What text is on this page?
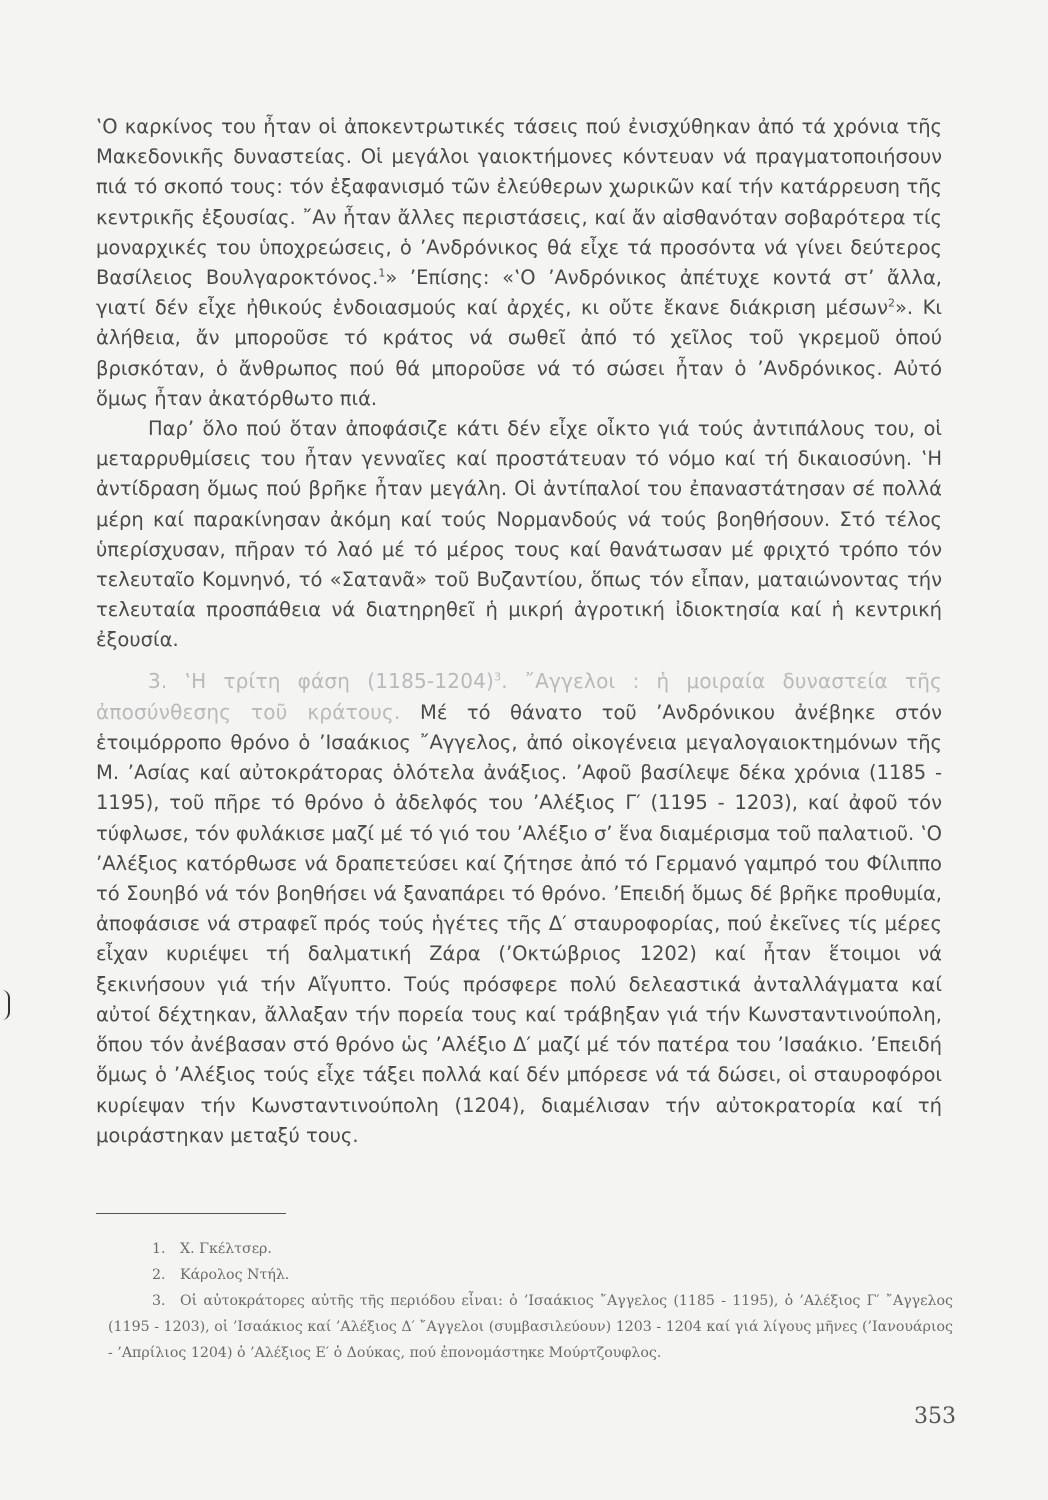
‛Ο καρκίνος του ἦταν οἱ ἀποκεντρωτικές τάσεις πού ἐνισχύθηκαν ἀπό τά χρόνια τῆς Μακεδονικῆς δυναστείας. Οἱ μεγάλοι γαιοκτήμονες κόντευαν νά πραγματοποιήσουν πιά τό σκοπό τους: τόν ἐξαφανισμό τῶν ἐλεύθερων χωρικῶν καί τήν κατάρρευση τῆς κεντρικῆς ἐξουσίας. ῎Αν ἦταν ἄλλες περιστάσεις, καί ἄν αἰσθανόταν σοβαρότερα τίς μοναρχικές του ὑποχρεώσεις, ὁ ’Ανδρόνικος θά εἶχε τά προσόντα νά γίνει δεύτερος Βασίλειος Βουλγαροκτόνος.$^1$» ’Επίσης: «‛Ο ’Ανδρόνικος ἀπέτυχε κοντά στ’ ἄλλα, γιατί δέν εἶχε ἠθικούς ἐνδοιασμούς καί ἀρχές, κι οὔτε ἔκανε διάκριση μέσων$^2$». Κι ἀλήθεια, ἄν μποροῦσε τό κράτος νά σωθεῖ ἀπό τό χεῖλος τοῦ γκρεμοῦ ὁπού βρισκόταν, ὁ ἄνθρωπος πού θά μποροῦσε νά τό σώσει ἦταν ὁ ’Ανδρόνικος. Αὐτό ὅμως ἦταν ἀκατόρθωτο πιά.

Παρ’ ὅλο πού ὅταν ἀποφάσιζε κάτι δέν εἶχε οἶκτο γιά τούς ἀντιπάλους του, οἱ μεταρρυθμίσεις του ἦταν γενναῖες καί προστάτευαν τό νόμο καί τή δικαιοσύνη. ‛Η ἀντίδραση ὅμως πού βρῆκε ἦταν μεγάλη. Οἱ ἀντίπαλοί του ἐπαναστάτησαν σέ πολλά μέρη καί παρακίνησαν ἀκόμη καί τούς Νορμανδούς νά τούς βοηθήσουν. Στό τέλος ὑπερίσχυσαν, πῆραν τό λαό μέ τό μέρος τους καί θανάτωσαν μέ φριχτό τρόπο τόν τελευταῖο Κομνηνό, τό «Σατανᾶ» τοῦ Βυζαντίου, ὅπως τόν εἶπαν, ματαιώνοντας τήν τελευταία προσπάθεια νά διατηρηθεῖ ἡ μικρή ἀγροτική ἰδιοκτησία καί ἡ κεντρική ἐξουσία.

3. ‛Η τρίτη φάση (1185-1204)$^3$. ῎Αγγελοι : ἡ μοιραία δυναστεία τῆς ἀποσύνθεσης τοῦ κράτους. Μέ τό θάνατο τοῦ ’Ανδρόνικου ἀνέβηκε στόν ἑτοιμόρροπο θρόνο ὁ ’Ισαάκιος ῎Αγγελος, ἀπό οἰκογένεια μεγαλογαιοκτημόνων τῆς Μ. ’Ασίας καί αὐτοκράτορας ὁλότελα ἀνάξιος. ’Αφοῦ βασίλεψε δέκα χρόνια (1185 - 1195), τοῦ πῆρε τό θρόνο ὁ ἀδελφός του ’Αλέξιος Γ′ (1195 - 1203), καί ἀφοῦ τόν τύφλωσε, τόν φυλάκισε μαζί μέ τό γιό του ’Αλέξιο σ’ ἕνα διαμέρισμα τοῦ παλατιοῦ. ‛Ο ’Αλέξιος κατόρθωσε νά δραπετεύσει καί ζήτησε ἀπό τό Γερμανό γαμπρό του Φίλιππο τό Σουηβό νά τόν βοηθήσει νά ξαναπάρει τό θρόνο. ’Επειδή ὅμως δέ βρῆκε προθυμία, ἀποφάσισε νά στραφεῖ πρός τούς ἡγέτες τῆς Δ′ σταυροφορίας, πού ἐκεῖνες τίς μέρες εἶχαν κυριέψει τή δαλματική Ζάρα (’Οκτώβριος 1202) καί ἦταν ἕτοιμοι νά ξεκινήσουν γιά τήν Αἴγυπτο. Τούς πρόσφερε πολύ δελεαστικά ἀνταλλάγματα καί αὐτοί δέχτηκαν, ἄλλαξαν τήν πορεία τους καί τράβηξαν γιά τήν Κωνσταντινούπολη, ὅπου τόν ἀνέβασαν στό θρόνο ὡς ’Αλέξιο Δ′ μαζί μέ τόν πατέρα του ’Ισαάκιο. ’Επειδή ὅμως ὁ ’Αλέξιος τούς εἶχε τάξει πολλά καί δέν μπόρεσε νά τά δώσει, οἱ σταυροφόροι κυρίεψαν τήν Κωνσταντινούπολη (1204), διαμέλισαν τήν αὐτοκρατορία καί τή μοιράστηκαν μεταξύ τους.

1. Χ. Γκέλτσερ.

2. Κάρολος Ντήλ.

3. Οἱ αὐτοκράτορες αὐτῆς τῆς περιόδου εἶναι: ὁ ’Ισαάκιος ῎Αγγελος (1185 - 1195), ὁ ’Αλέξιος Γ′ ῎Αγγελος (1195 - 1203), οἱ ’Ισαάκιος καί ’Αλέξιος Δ′ ῎Αγγελοι (συμβασιλεύουν) 1203 - 1204 καί γιά λίγους μῆνες (’Ιανουάριος - ’Απρίλιος 1204) ὁ ’Αλέξιος Ε′ ὁ Δούκας, πού ἐπονομάστηκε Μούρτζουφλος.

353
